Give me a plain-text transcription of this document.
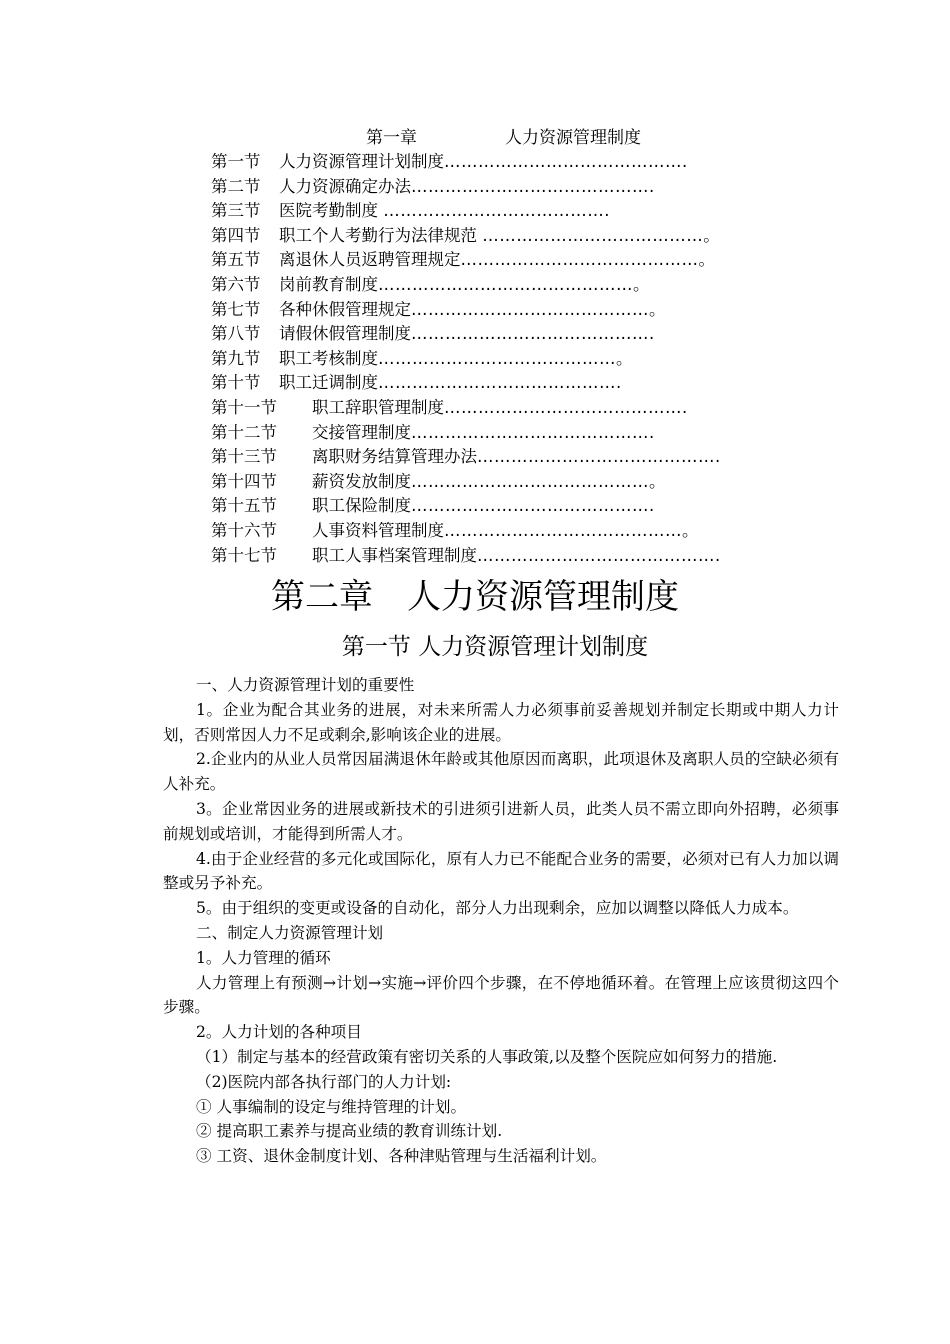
第一章	人力资源管理制度
第一节 人力资源管理计划制度…………………………………….
第二节 人力资源确定办法…………………………………….
第三节 医院考勤制度 ………………………………….
第四节 职工个人考勤行为法律规范 …………………………………。
第五节 离退休人员返聘管理规定……………………………………。
第六节 岗前教育制度………………………………………。
第七节 各种休假管理规定……………………………………。
第八节 请假休假管理制度…………………………………….
第九节 职工考核制度……………………………………。
第十节 职工迁调制度…………………………………….
第十一节 职工辞职管理制度…………………………………….
第十二节 交接管理制度…………………………………….
第十三节 离职财务结算管理办法…………………………………….
第十四节 薪资发放制度……………………………………。
第十五节 职工保险制度…………………………………….
第十六节 人事资料管理制度……………………………………。
第十七节 职工人事档案管理制度…………………………………….
第二章 人力资源管理制度
第一节 人力资源管理计划制度

一、人力资源管理计划的重要性

1。企业为配合其业务的进展，对未来所需人力必须事前妥善规划并制定长期或中期人力计划，否则常因人力不足或剩余,影响该企业的进展。

2.企业内的从业人员常因届满退休年龄或其他原因而离职，此项退休及离职人员的空缺必须有人补充。

3。企业常因业务的进展或新技术的引进须引进新人员，此类人员不需立即向外招聘，必须事前规划或培训，才能得到所需人才。

4.由于企业经营的多元化或国际化，原有人力已不能配合业务的需要，必须对已有人力加以调整或另予补充。

5。由于组织的变更或设备的自动化，部分人力出现剩余，应加以调整以降低人力成本。

二、制定人力资源管理计划

1。人力管理的循环

人力管理上有预测→计划→实施→评价四个步骤，在不停地循环着。在管理上应该贯彻这四个步骤。

2。人力计划的各种项目

（1）制定与基本的经营政策有密切关系的人事政策,以及整个医院应如何努力的措施.

（2)医院内部各执行部门的人力计划:

① 人事编制的设定与维持管理的计划。

② 提高职工素养与提高业绩的教育训练计划.

③ 工资、退休金制度计划、各种津贴管理与生活福利计划。
